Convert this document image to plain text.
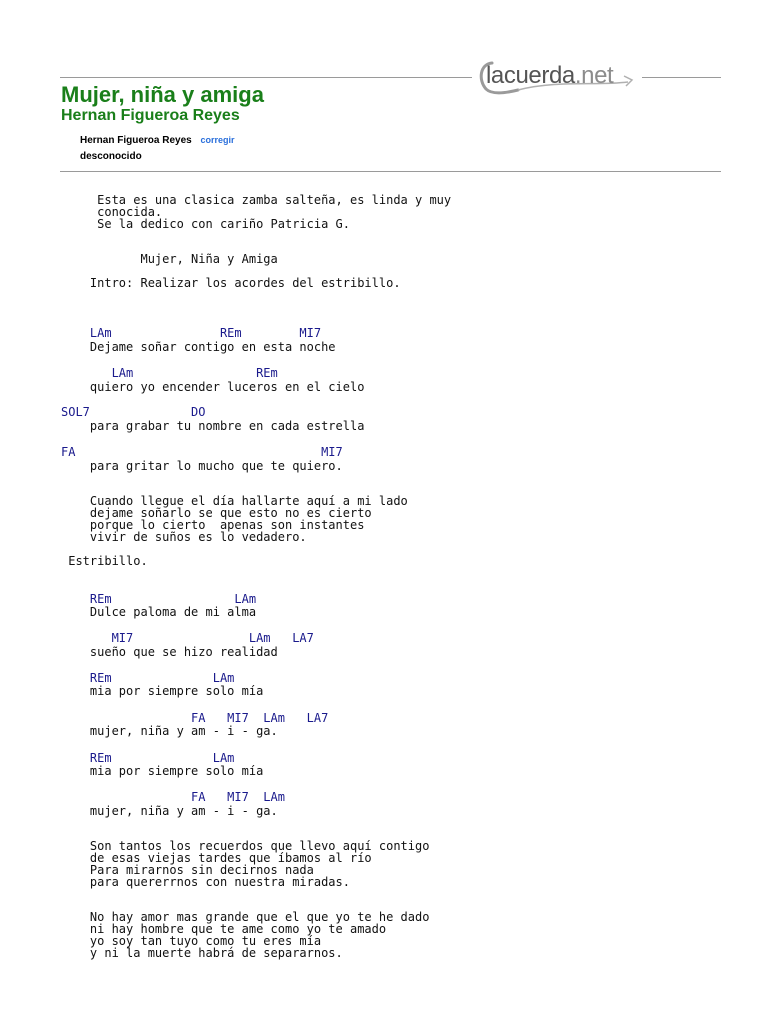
lacuerda.net
Mujer, niña y amiga
Hernan Figueroa Reyes
Hernan Figueroa Reyes corregir
desconocido
Esta es una clasica zamba salteña, es linda y muy
conocida.
Se la dedico con cariño Patricia G.
Mujer, Niña y Amiga
Intro: Realizar los acordes del estribillo.
LAm               REm        MI7
Dejame soñar contigo en esta noche
LAm                 REm
quiero yo encender luceros en el cielo
SOL7              DO
para grabar tu nombre en cada estrella
FA                                  MI7
para gritar lo mucho que te quiero.
Cuando llegue el día hallarte aquí a mi lado
dejame soñarlo se que esto no es cierto
porque lo cierto  apenas son instantes
vivir de suños es lo vedadero.
Estribillo.
REm                 LAm
Dulce paloma de mi alma
MI7                LAm   LA7
sueño que se hizo realidad
REm              LAm
mia por siempre solo mía
FA   MI7  LAm   LA7
mujer, niña y am - i - ga.
REm              LAm
mia por siempre solo mía
FA   MI7  LAm
mujer, niña y am - i - ga.
Son tantos los recuerdos que llevo aquí contigo
de esas viejas tardes que íbamos al río
Para mirarnos sin decirnos nada
para quererrnos con nuestra miradas.
No hay amor mas grande que el que yo te he dado
ni hay hombre que te ame como yo te amado
yo soy tan tuyo como tu eres mía
y ni la muerte habrá de separarnos.
